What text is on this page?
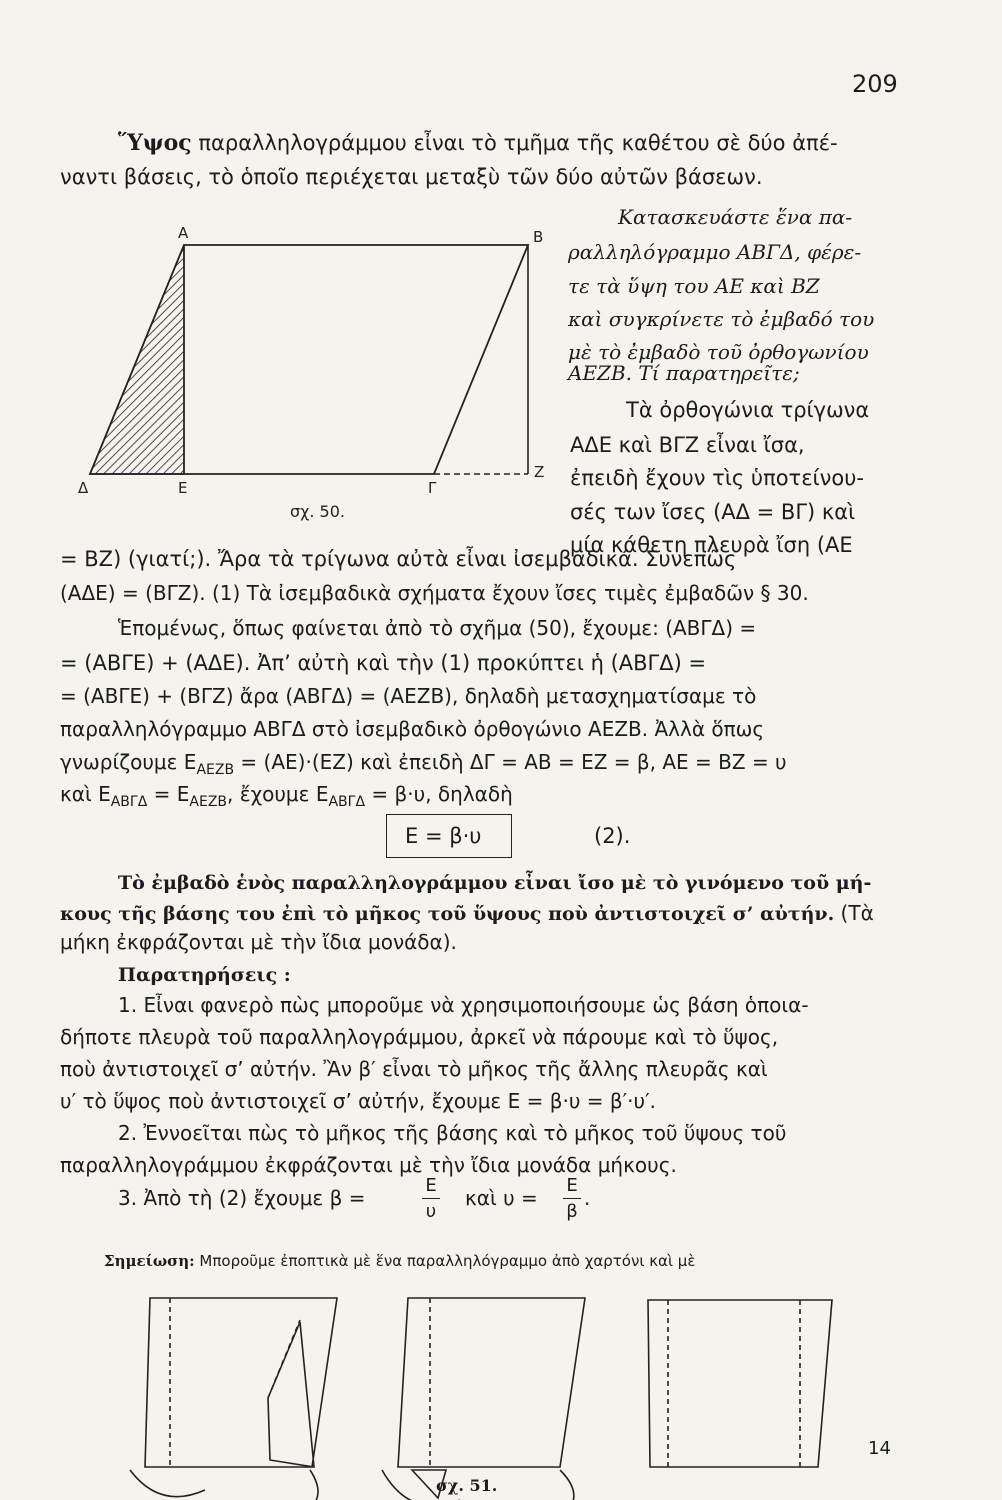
209
Ὕψος παραλληλογράμμου εἶναι τὸ τμῆμα τῆς καθέτου σὲ δύο ἀπέ-
ναντι βάσεις, τὸ ὁποῖο περιέχεται μεταξὺ τῶν δύο αὐτῶν βάσεων.
Κατασκευάστε ἕνα πα-
ραλληλόγραμμο ΑΒΓΔ, φέρε-
τε τὰ ὕψη του ΑΕ καὶ ΒΖ
καὶ συγκρίνετε τὸ ἐμβαδό του
μὲ τὸ ἐμβαδὸ τοῦ ὀρθογωνίου
ΑΕΖΒ. Τί παρατηρεῖτε;
Τὰ ὀρθογώνια τρίγωνα
ΑΔΕ καὶ ΒΓΖ εἶναι ἴσα,
ἐπειδὴ ἔχουν τὶς ὑποτείνου-
σές των ἴσες (ΑΔ = ΒΓ) καὶ
μία κάθετη πλευρὰ ἴση (ΑΕ
Α	Β
Δ	Ε	Γ
Ζ
σχ. 50.
= ΒΖ) (γιατί;). Ἄρα τὰ τρίγωνα αὐτὰ εἶναι ἰσεμβαδικά. Συνεπῶς
(ΑΔΕ) = (ΒΓΖ). (1) Τὰ ἰσεμβαδικὰ σχήματα ἔχουν ἴσες τιμὲς ἐμβαδῶν § 30.
Ἑπομένως, ὅπως φαίνεται ἀπὸ τὸ σχῆμα (50), ἔχουμε: (ΑΒΓΔ) =
= (ΑΒΓΕ) + (ΑΔΕ). Ἀπ’ αὐτὴ καὶ τὴν (1) προκύπτει ἡ (ΑΒΓΔ) =
= (ΑΒΓΕ) + (ΒΓΖ) ἄρα (ΑΒΓΔ) = (ΑΕΖΒ), δηλαδὴ μετασχηματίσαμε τὸ
παραλληλόγραμμο ΑΒΓΔ στὸ ἰσεμβαδικὸ ὀρθογώνιο ΑΕΖΒ. Ἀλλὰ ὅπως
γνωρίζουμε $E_{AEZB} = (AE)\cdot(EZ)$ καὶ ἐπειδὴ ΔΓ = ΑΒ = ΕΖ = β, ΑΕ = ΒΖ = υ
καὶ $E_{AB\Gamma\Delta} = E_{AEZB}$, ἔχουμε $E_{AB\Gamma\Delta} = \beta\cdot\upsilon$, δηλαδὴ
Ε = β·υ	(2).
Τὸ ἐμβαδὸ ἑνὸς παραλληλογράμμου εἶναι ἴσο μὲ τὸ γινόμενο τοῦ μή-
κους τῆς βάσης του ἐπὶ τὸ μῆκος τοῦ ὕψους ποὺ ἀντιστοιχεῖ σ’ αὐτήν. (Τὰ
μήκη ἐκφράζονται μὲ τὴν ἴδια μονάδα).
Παρατηρήσεις :
1. Εἶναι φανερὸ πὼς μποροῦμε νὰ χρησιμοποιήσουμε ὡς βάση ὁποια-
δήποτε πλευρὰ τοῦ παραλληλογράμμου, ἀρκεῖ νὰ πάρουμε καὶ τὸ ὕψος,
ποὺ ἀντιστοιχεῖ σ’ αὐτήν. Ἂν β′ εἶναι τὸ μῆκος τῆς ἄλλης πλευρᾶς καὶ
υ′ τὸ ὕψος ποὺ ἀντιστοιχεῖ σ’ αὐτήν, ἔχουμε Ε = β·υ = β′·υ′.
2. Ἐννοεῖται πὼς τὸ μῆκος τῆς βάσης καὶ τὸ μῆκος τοῦ ὕψους τοῦ
παραλληλογράμμου ἐκφράζονται μὲ τὴν ἴδια μονάδα μήκους.
3. Ἀπὸ τὴ (2) ἔχουμε β =
Ε
υ
καὶ υ =
Ε
β
.
Σημείωση: Μποροῦμε ἐποπτικὰ μὲ ἕνα παραλληλόγραμμο ἀπὸ χαρτόνι καὶ μὲ
σχ. 51.
14
